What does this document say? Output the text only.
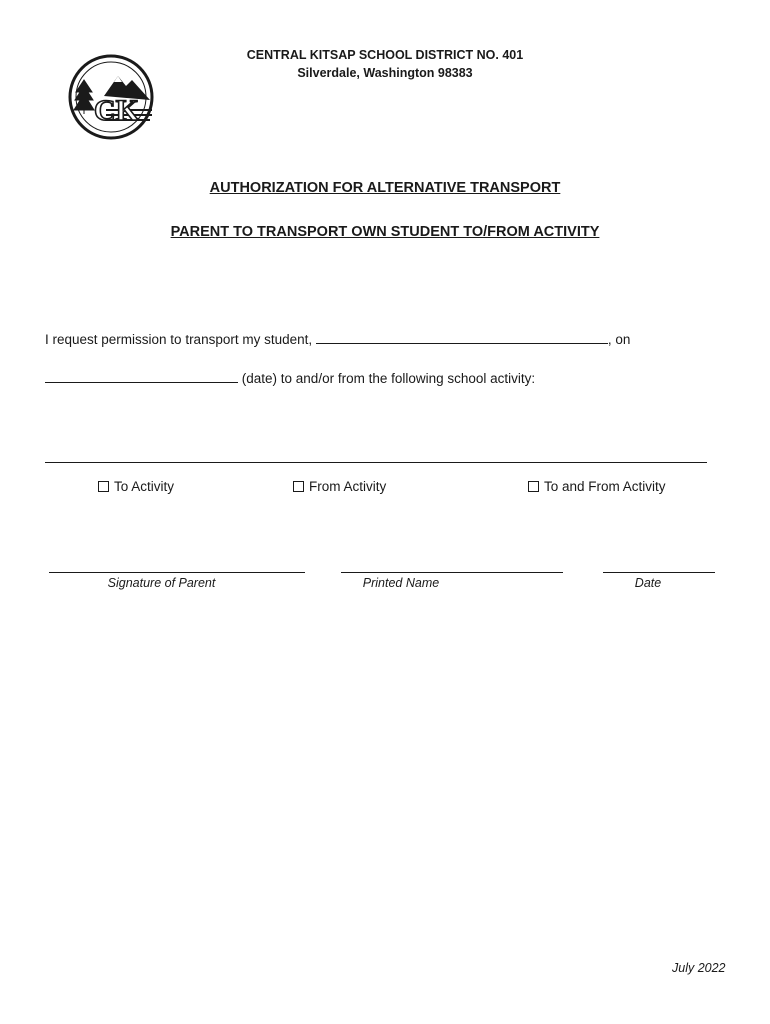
CK
CENTRAL KITSAP SCHOOL DISTRICT NO. 401
Silverdale, Washington 98383
AUTHORIZATION FOR ALTERNATIVE TRANSPORT
PARENT TO TRANSPORT OWN STUDENT TO/FROM ACTIVITY
I request permission to transport my student,	, on
(date) to and/or from the following school activity:
To Activity	From Activity	To and From Activity
Signature of Parent	Printed Name	Date
July 2022
